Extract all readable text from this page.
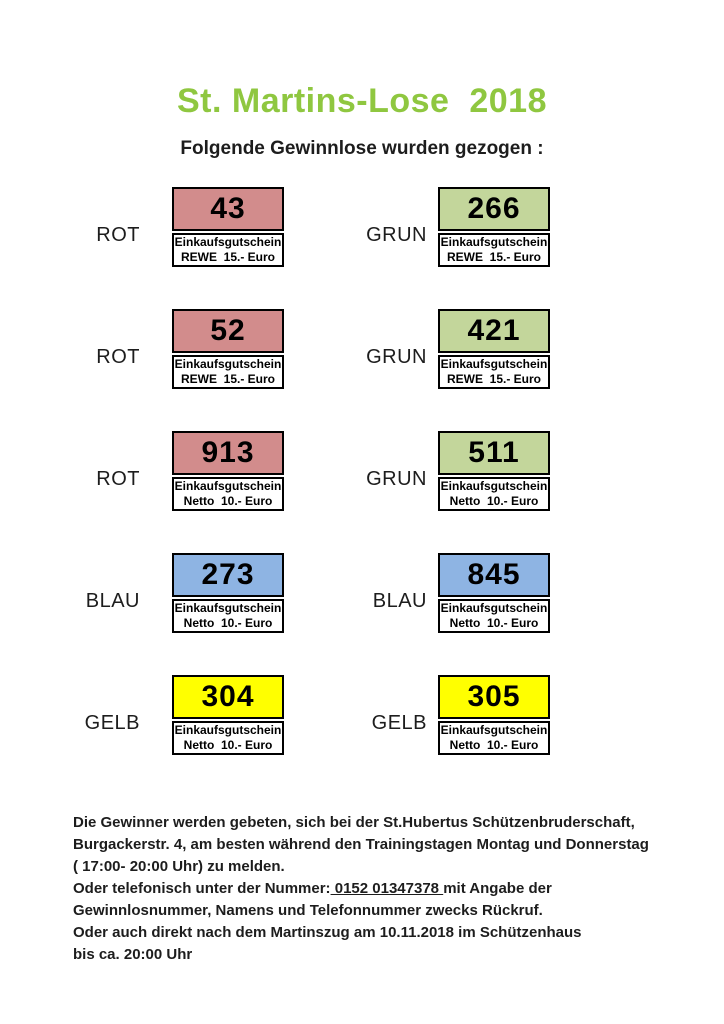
St. Martins-Lose  2018
Folgende Gewinnlose wurden gezogen :
ROT
43
Einkaufsgutschein
REWE  15.- Euro
GRUN
266
Einkaufsgutschein
REWE  15.- Euro
ROT
52
Einkaufsgutschein
REWE  15.- Euro
GRUN
421
Einkaufsgutschein
REWE  15.- Euro
ROT
913
Einkaufsgutschein
Netto  10.- Euro
GRUN
511
Einkaufsgutschein
Netto  10.- Euro
BLAU
273
Einkaufsgutschein
Netto  10.- Euro
BLAU
845
Einkaufsgutschein
Netto  10.- Euro
GELB
304
Einkaufsgutschein
Netto  10.- Euro
GELB
305
Einkaufsgutschein
Netto  10.- Euro
Die Gewinner werden gebeten, sich bei der St.Hubertus Schützenbruderschaft,
Burgackerstr. 4, am besten während den Trainingstagen Montag und Donnerstag
( 17:00- 20:00 Uhr) zu melden.
Oder telefonisch unter der Nummer: 0152 01347378 mit Angabe der
Gewinnlosnummer, Namens und Telefonnummer zwecks Rückruf.
Oder auch direkt nach dem Martinszug am 10.11.2018 im Schützenhaus
bis ca. 20:00 Uhr
